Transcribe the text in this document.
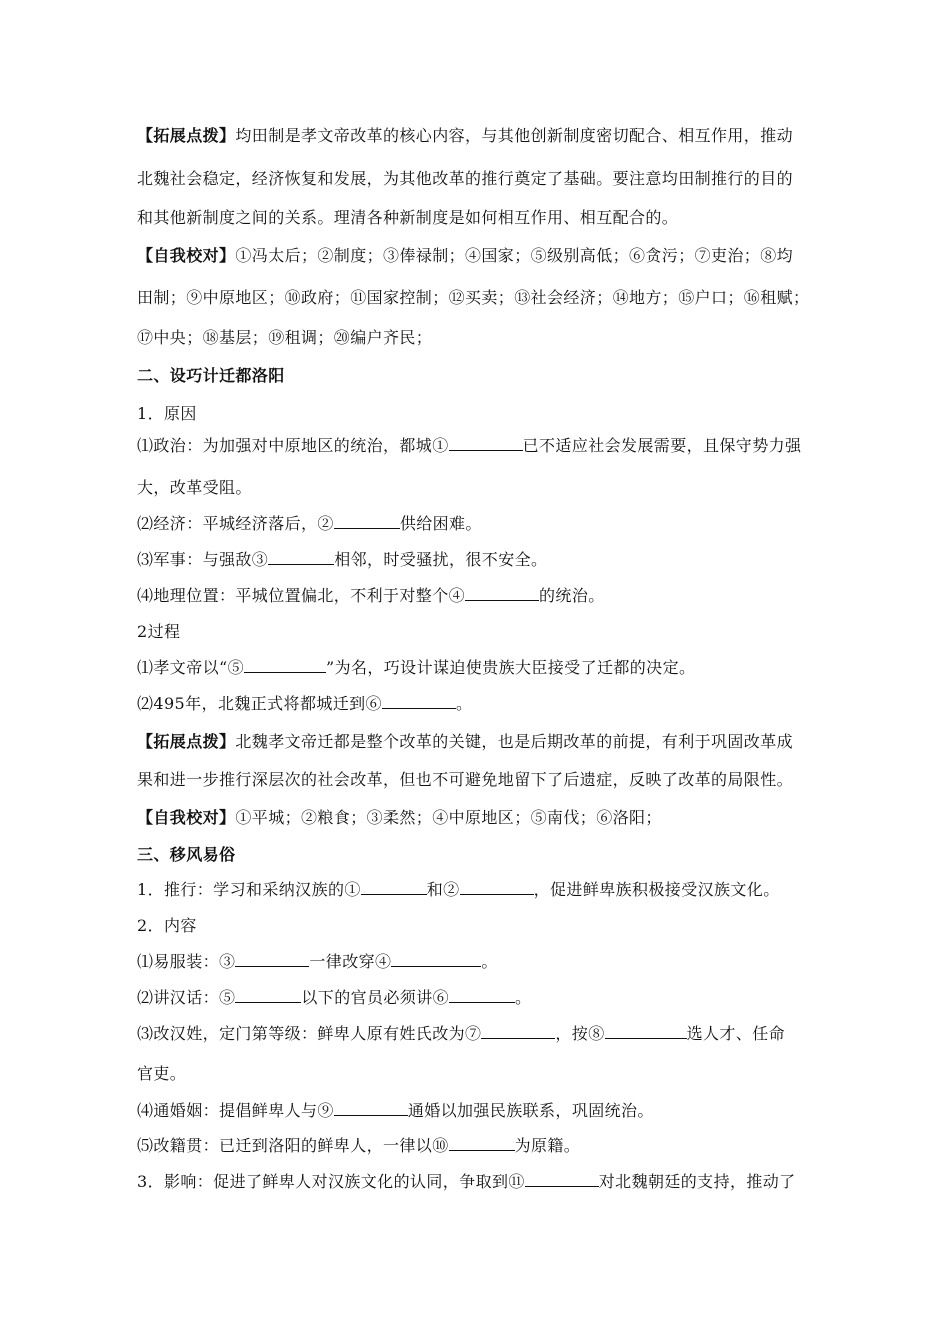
【拓展点拨】均田制是孝文帝改革的核心内容，与其他创新制度密切配合、相互作用，推动
北魏社会稳定，经济恢复和发展，为其他改革的推行奠定了基础。要注意均田制推行的目的
和其他新制度之间的关系。理清各种新制度是如何相互作用、相互配合的。
【自我校对】①冯太后；②制度；③俸禄制；④国家；⑤级别高低；⑥贪污；⑦吏治；⑧均
田制；⑨中原地区；⑩政府；⑪国家控制；⑫买卖；⑬社会经济；⑭地方；⑮户口；⑯租赋；
⑰中央；⑱基层；⑲租调；⑳编户齐民；
二、设巧计迁都洛阳
1．原因
⑴政治：为加强对中原地区的统治，都城①	已不适应社会发展需要，且保守势力强
大，改革受阻。
⑵经济：平城经济落后，②	供给困难。
⑶军事：与强敌③	相邻，时受骚扰，很不安全。
⑷地理位置：平城位置偏北，不利于对整个④	的统治。
2过程
⑴孝文帝以“⑤	”为名，巧设计谋迫使贵族大臣接受了迁都的决定。
⑵495年，北魏正式将都城迁到⑥	。
【拓展点拨】北魏孝文帝迁都是整个改革的关键，也是后期改革的前提，有利于巩固改革成
果和进一步推行深层次的社会改革，但也不可避免地留下了后遗症，反映了改革的局限性。
【自我校对】①平城；②粮食；③柔然；④中原地区；⑤南伐；⑥洛阳；
三、移风易俗
1．推行：学习和采纳汉族的①	和②	，促进鲜卑族积极接受汉族文化。
2．内容
⑴易服装：③	一律改穿④	。
⑵讲汉话：⑤	以下的官员必须讲⑥	。
⑶改汉姓，定门第等级：鲜卑人原有姓氏改为⑦	，按⑧	选人才、任命
官吏。
⑷通婚姻：提倡鲜卑人与⑨	通婚以加强民族联系，巩固统治。
⑸改籍贯：已迁到洛阳的鲜卑人，一律以⑩	为原籍。
3．影响：促进了鲜卑人对汉族文化的认同，争取到⑪	对北魏朝廷的支持，推动了
